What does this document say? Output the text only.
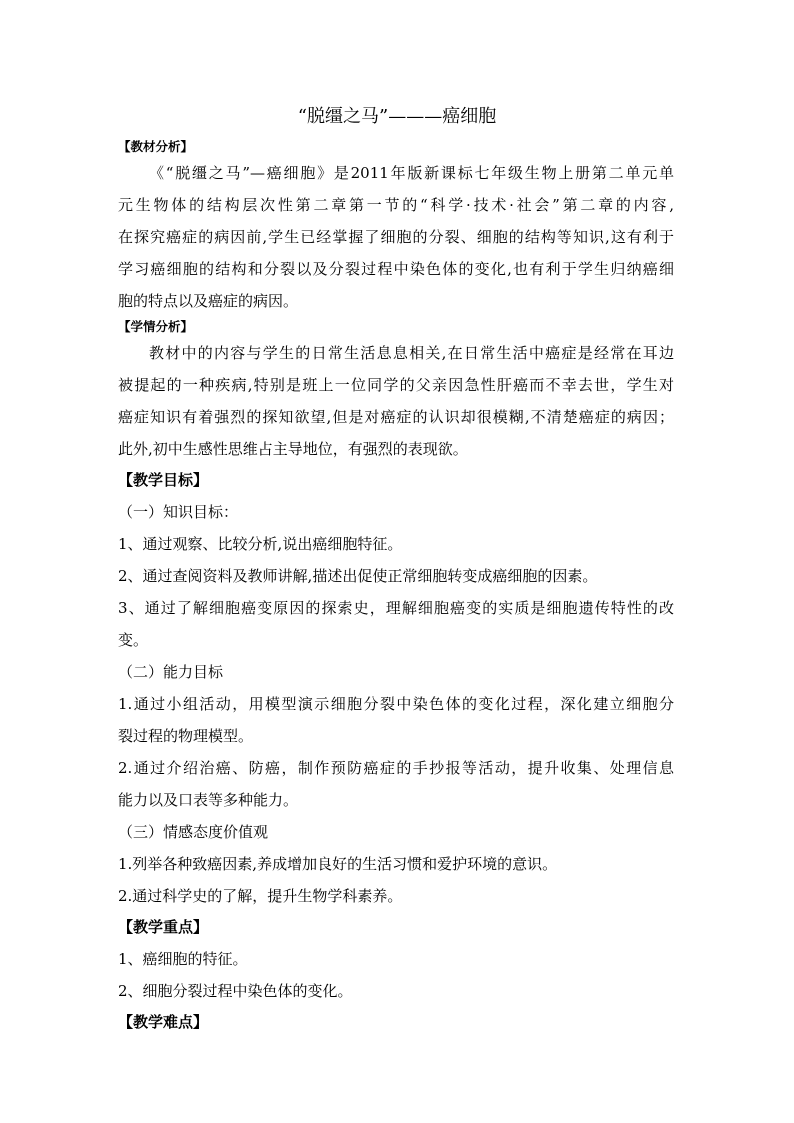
“脱缰之马”———癌细胞
【教材分析】
《“脱缰之马”—癌细胞》是2011年版新课标七年级生物上册第二单元单
元生物体的结构层次性第二章第一节的“科学·技术·社会”第二章的内容,
在探究癌症的病因前,学生已经掌握了细胞的分裂、细胞的结构等知识,这有利于
学习癌细胞的结构和分裂以及分裂过程中染色体的变化,也有利于学生归纳癌细
胞的特点以及癌症的病因。
【学情分析】
教材中的内容与学生的日常生活息息相关,在日常生活中癌症是经常在耳边
被提起的一种疾病,特别是班上一位同学的父亲因急性肝癌而不幸去世，学生对
癌症知识有着强烈的探知欲望,但是对癌症的认识却很模糊,不清楚癌症的病因；
此外,初中生感性思维占主导地位，有强烈的表现欲。
【教学目标】
（一）知识目标：
1、通过观察、比较分析,说出癌细胞特征。
2、通过查阅资料及教师讲解,描述出促使正常细胞转变成癌细胞的因素。
3、通过了解细胞癌变原因的探索史，理解细胞癌变的实质是细胞遗传特性的改
变。
（二）能力目标
1.通过小组活动，用模型演示细胞分裂中染色体的变化过程，深化建立细胞分
裂过程的物理模型。
2.通过介绍治癌、防癌，制作预防癌症的手抄报等活动，提升收集、处理信息
能力以及口表等多种能力。
（三）情感态度价值观
1.列举各种致癌因素,养成增加良好的生活习惯和爱护环境的意识。
2.通过科学史的了解，提升生物学科素养。
【教学重点】
1、癌细胞的特征。
2、细胞分裂过程中染色体的变化。
【教学难点】
